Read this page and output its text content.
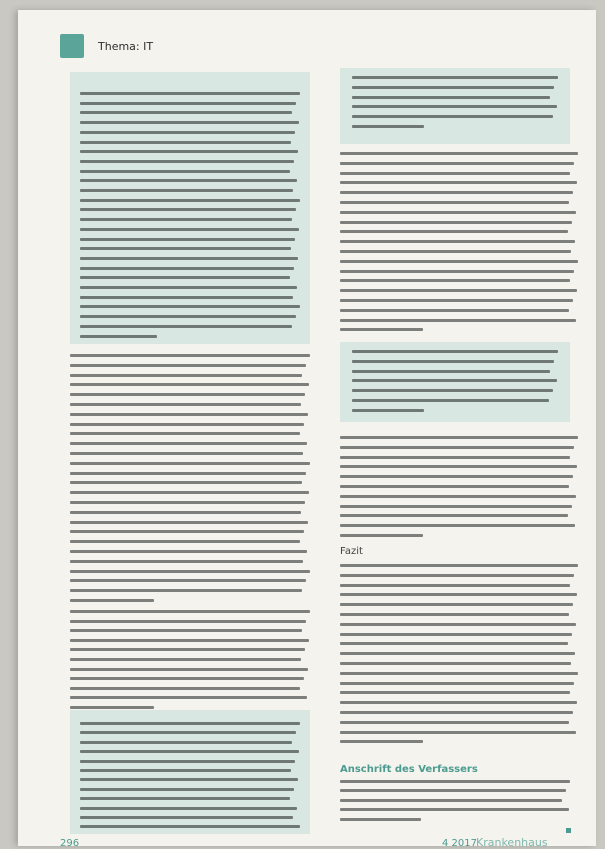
Thema: IT
Fazit
Anschrift des Verfassers
296	4 2017 Krankenhaus
